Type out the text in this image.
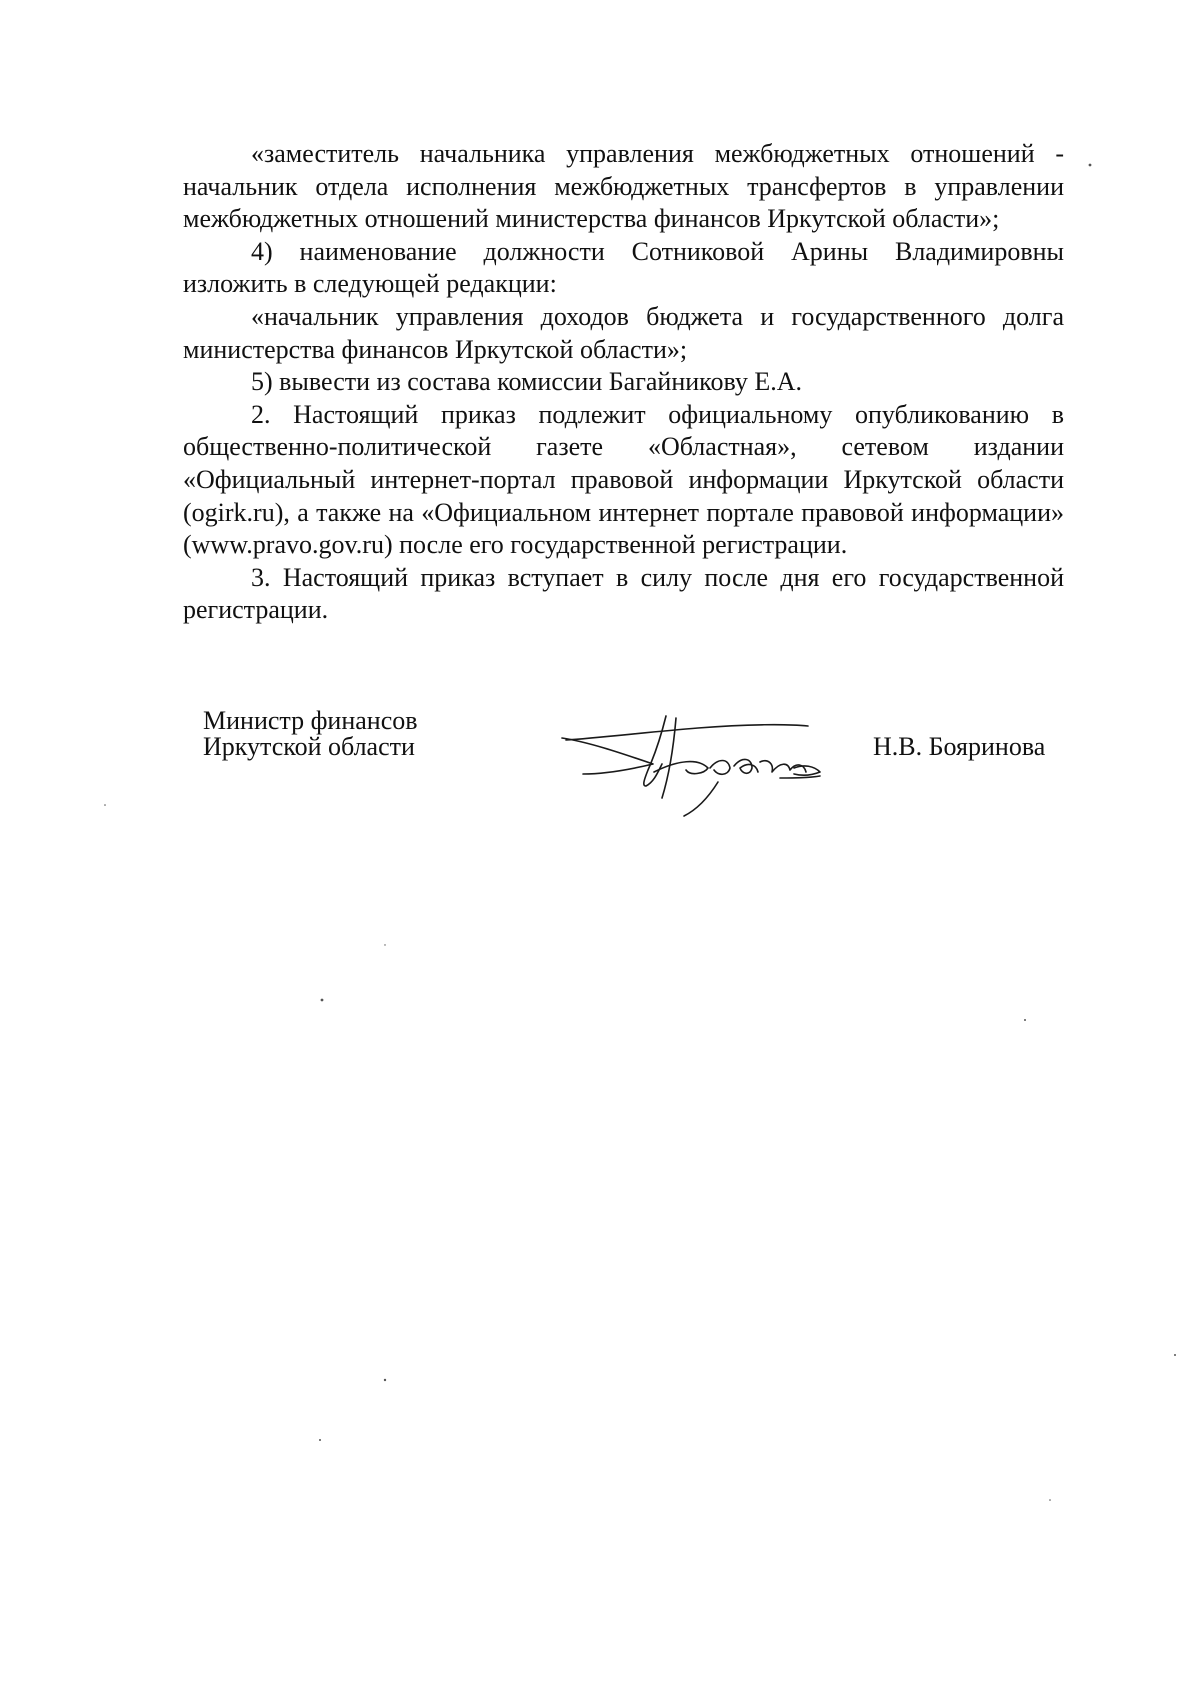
«заместитель начальника управления межбюджетных отношений - начальник отдела исполнения межбюджетных трансфертов в управлении межбюджетных отношений министерства финансов Иркутской области»;

4) наименование должности Сотниковой Арины Владимировны изложить в следующей редакции:

«начальник управления доходов бюджета и государственного долга министерства финансов Иркутской области»;

5) вывести из состава комиссии Багайникову Е.А.

2. Настоящий приказ подлежит официальному опубликованию в общественно-политической газете «Областная», сетевом издании «Официальный интернет-портал правовой информации Иркутской области (ogirk.ru), а также на «Официальном интернет портале правовой информации» (www.pravo.gov.ru) после его государственной регистрации.

3. Настоящий приказ вступает в силу после дня его государственной регистрации.

Министр финансов
Иркутской области	Н.В. Бояринова
